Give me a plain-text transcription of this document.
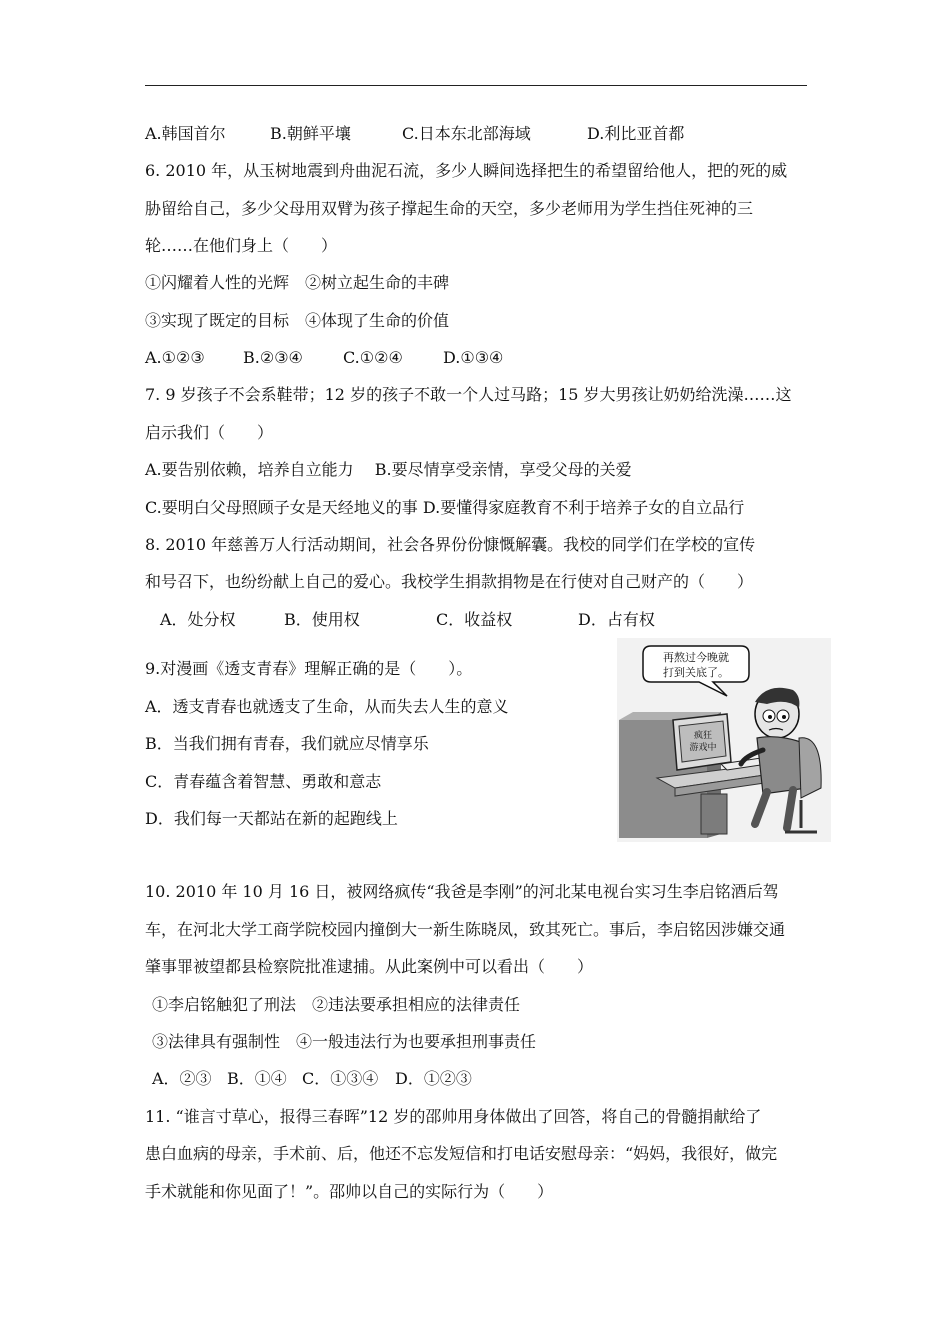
A.韩国首尔	B.朝鲜平壤	C.日本东北部海域	D.利比亚首都
6. 2010 年，从玉树地震到舟曲泥石流，多少人瞬间选择把生的希望留给他人，把的死的威
胁留给自己，多少父母用双臂为孩子撑起生命的天空，多少老师用为学生挡住死神的三
轮……在他们身上（　　）
①闪耀着人性的光辉　②树立起生命的丰碑
③实现了既定的目标　④体现了生命的价值
A.①②③ B.②③④	C.①②④	D.①③④
7. 9 岁孩子不会系鞋带；12 岁的孩子不敢一个人过马路；15 岁大男孩让奶奶给洗澡……这
启示我们（　　）
A.要告别依赖，培养自立能力　 B.要尽情享受亲情，享受父母的关爱
C.要明白父母照顾子女是天经地义的事 D.要懂得家庭教育不利于培养子女的自立品行
8. 2010 年慈善万人行活动期间，社会各界份份慷慨解囊。我校的同学们在学校的宣传
和号召下，也纷纷献上自己的爱心。我校学生捐款捐物是在行使对自己财产的（　　）
A．处分权	B．使用权	C．收益权	D．占有权
9.对漫画《透支青春》理解正确的是（　　）。
A．透支青春也就透支了生命，从而失去人生的意义
B．当我们拥有青春，我们就应尽情享乐
C．青春蕴含着智慧、勇敢和意志
D．我们每一天都站在新的起跑线上
疯狂
游戏中
再熬过今晚就
打到关底了。
10. 2010 年 10 月 16 日，被网络疯传“我爸是李刚”的河北某电视台实习生李启铭酒后驾
车，在河北大学工商学院校园内撞倒大一新生陈晓凤，致其死亡。事后，李启铭因涉嫌交通
肇事罪被望都县检察院批准逮捕。从此案例中可以看出（　　）
①李启铭触犯了刑法　②违法要承担相应的法律责任
③法律具有强制性　④一般违法行为也要承担刑事责任
A．②③ B．①④ C．①③④ D．①②③
11. “谁言寸草心，报得三春晖”12 岁的邵帅用身体做出了回答，将自己的骨髓捐献给了
患白血病的母亲，手术前、后，他还不忘发短信和打电话安慰母亲：“妈妈，我很好，做完
手术就能和你见面了！”。邵帅以自己的实际行为（　　）
